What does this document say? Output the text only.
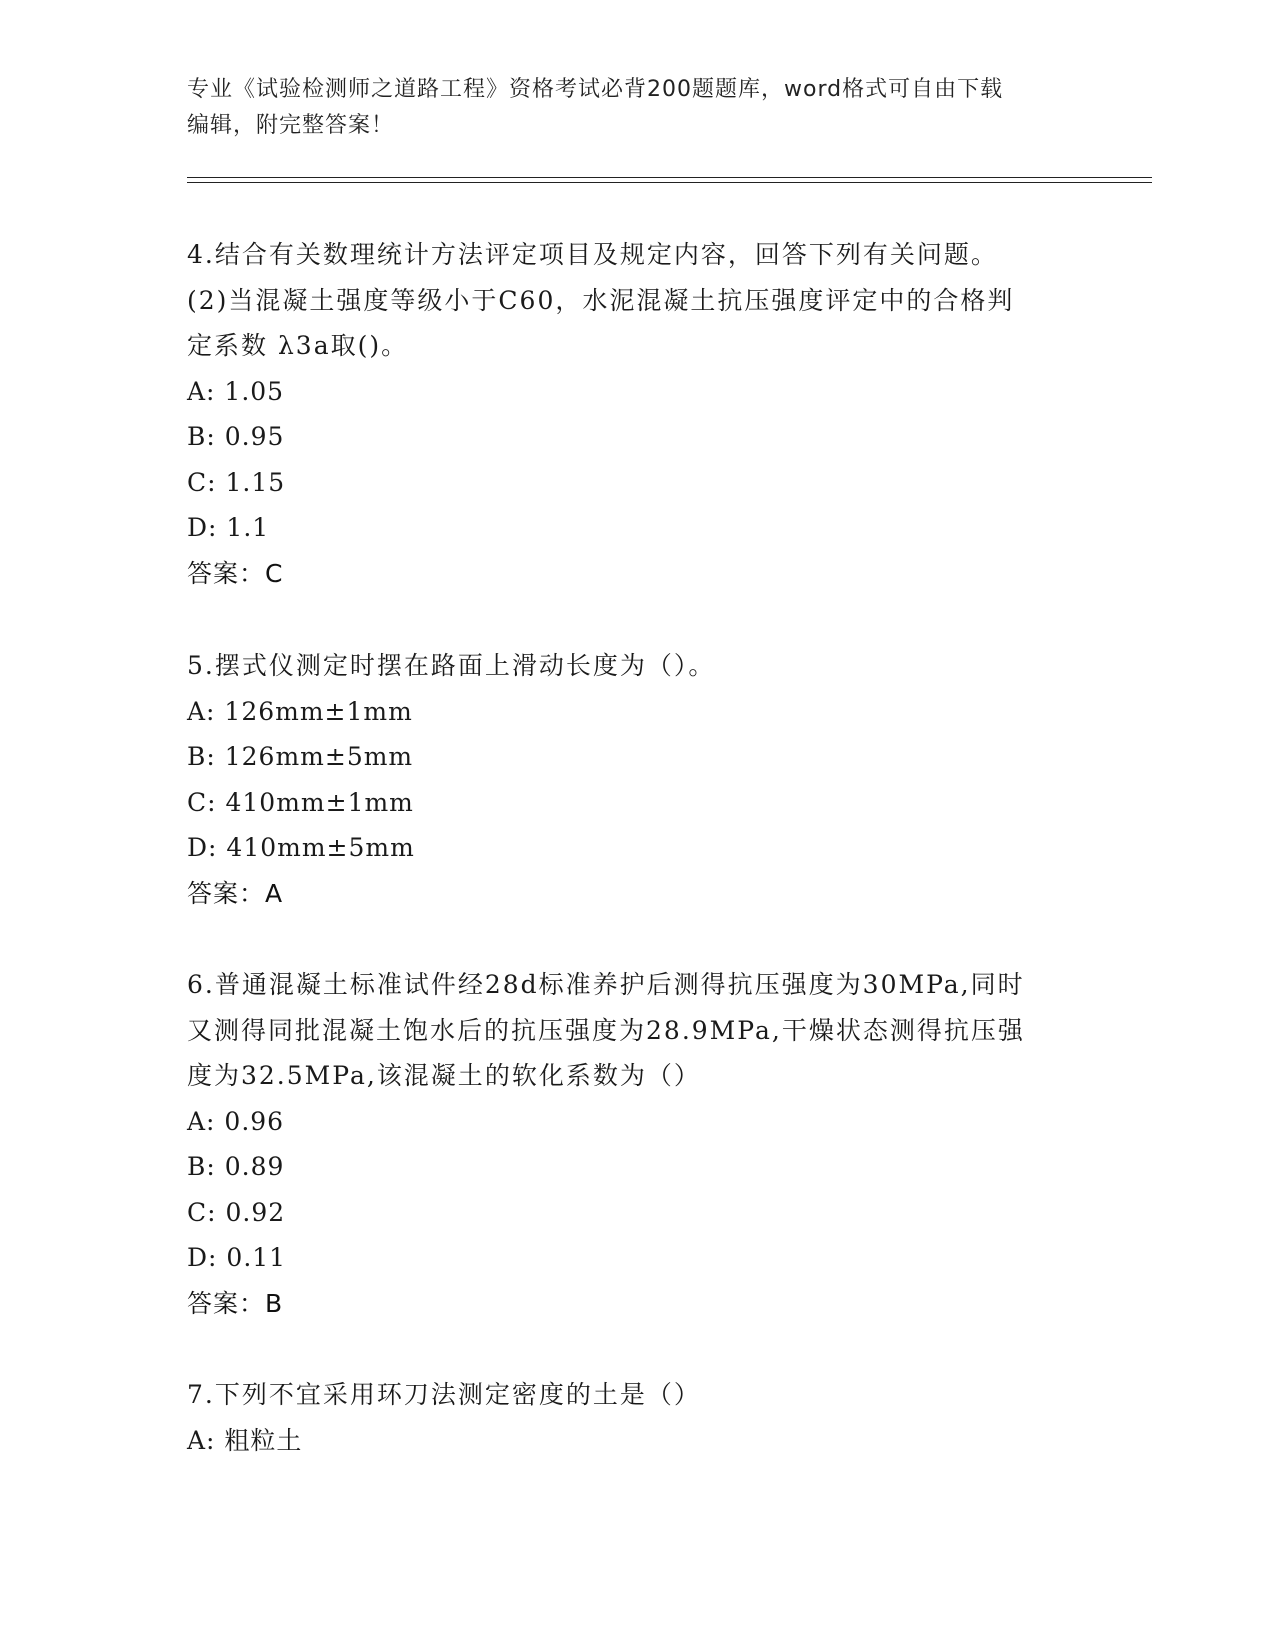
专业《试验检测师之道路工程》资格考试必背200题题库，word格式可自由下载
编辑，附完整答案！

4.结合有关数理统计方法评定项目及规定内容，回答下列有关问题。

(2)当混凝土强度等级小于C60，水泥混凝土抗压强度评定中的合格判

定系数 λ3a取()。

A: 1.05

B: 0.95

C: 1.15

D: 1.1

答案：C

5.摆式仪测定时摆在路面上滑动长度为（）。

A: 126mm±1mm

B: 126mm±5mm

C: 410mm±1mm

D: 410mm±5mm

答案：A

6.普通混凝土标准试件经28d标准养护后测得抗压强度为30MPa,同时

又测得同批混凝土饱水后的抗压强度为28.9MPa,干燥状态测得抗压强

度为32.5MPa,该混凝土的软化系数为（）

A: 0.96

B: 0.89

C: 0.92

D: 0.11

答案：B

7.下列不宜采用环刀法测定密度的土是（）

A: 粗粒土
